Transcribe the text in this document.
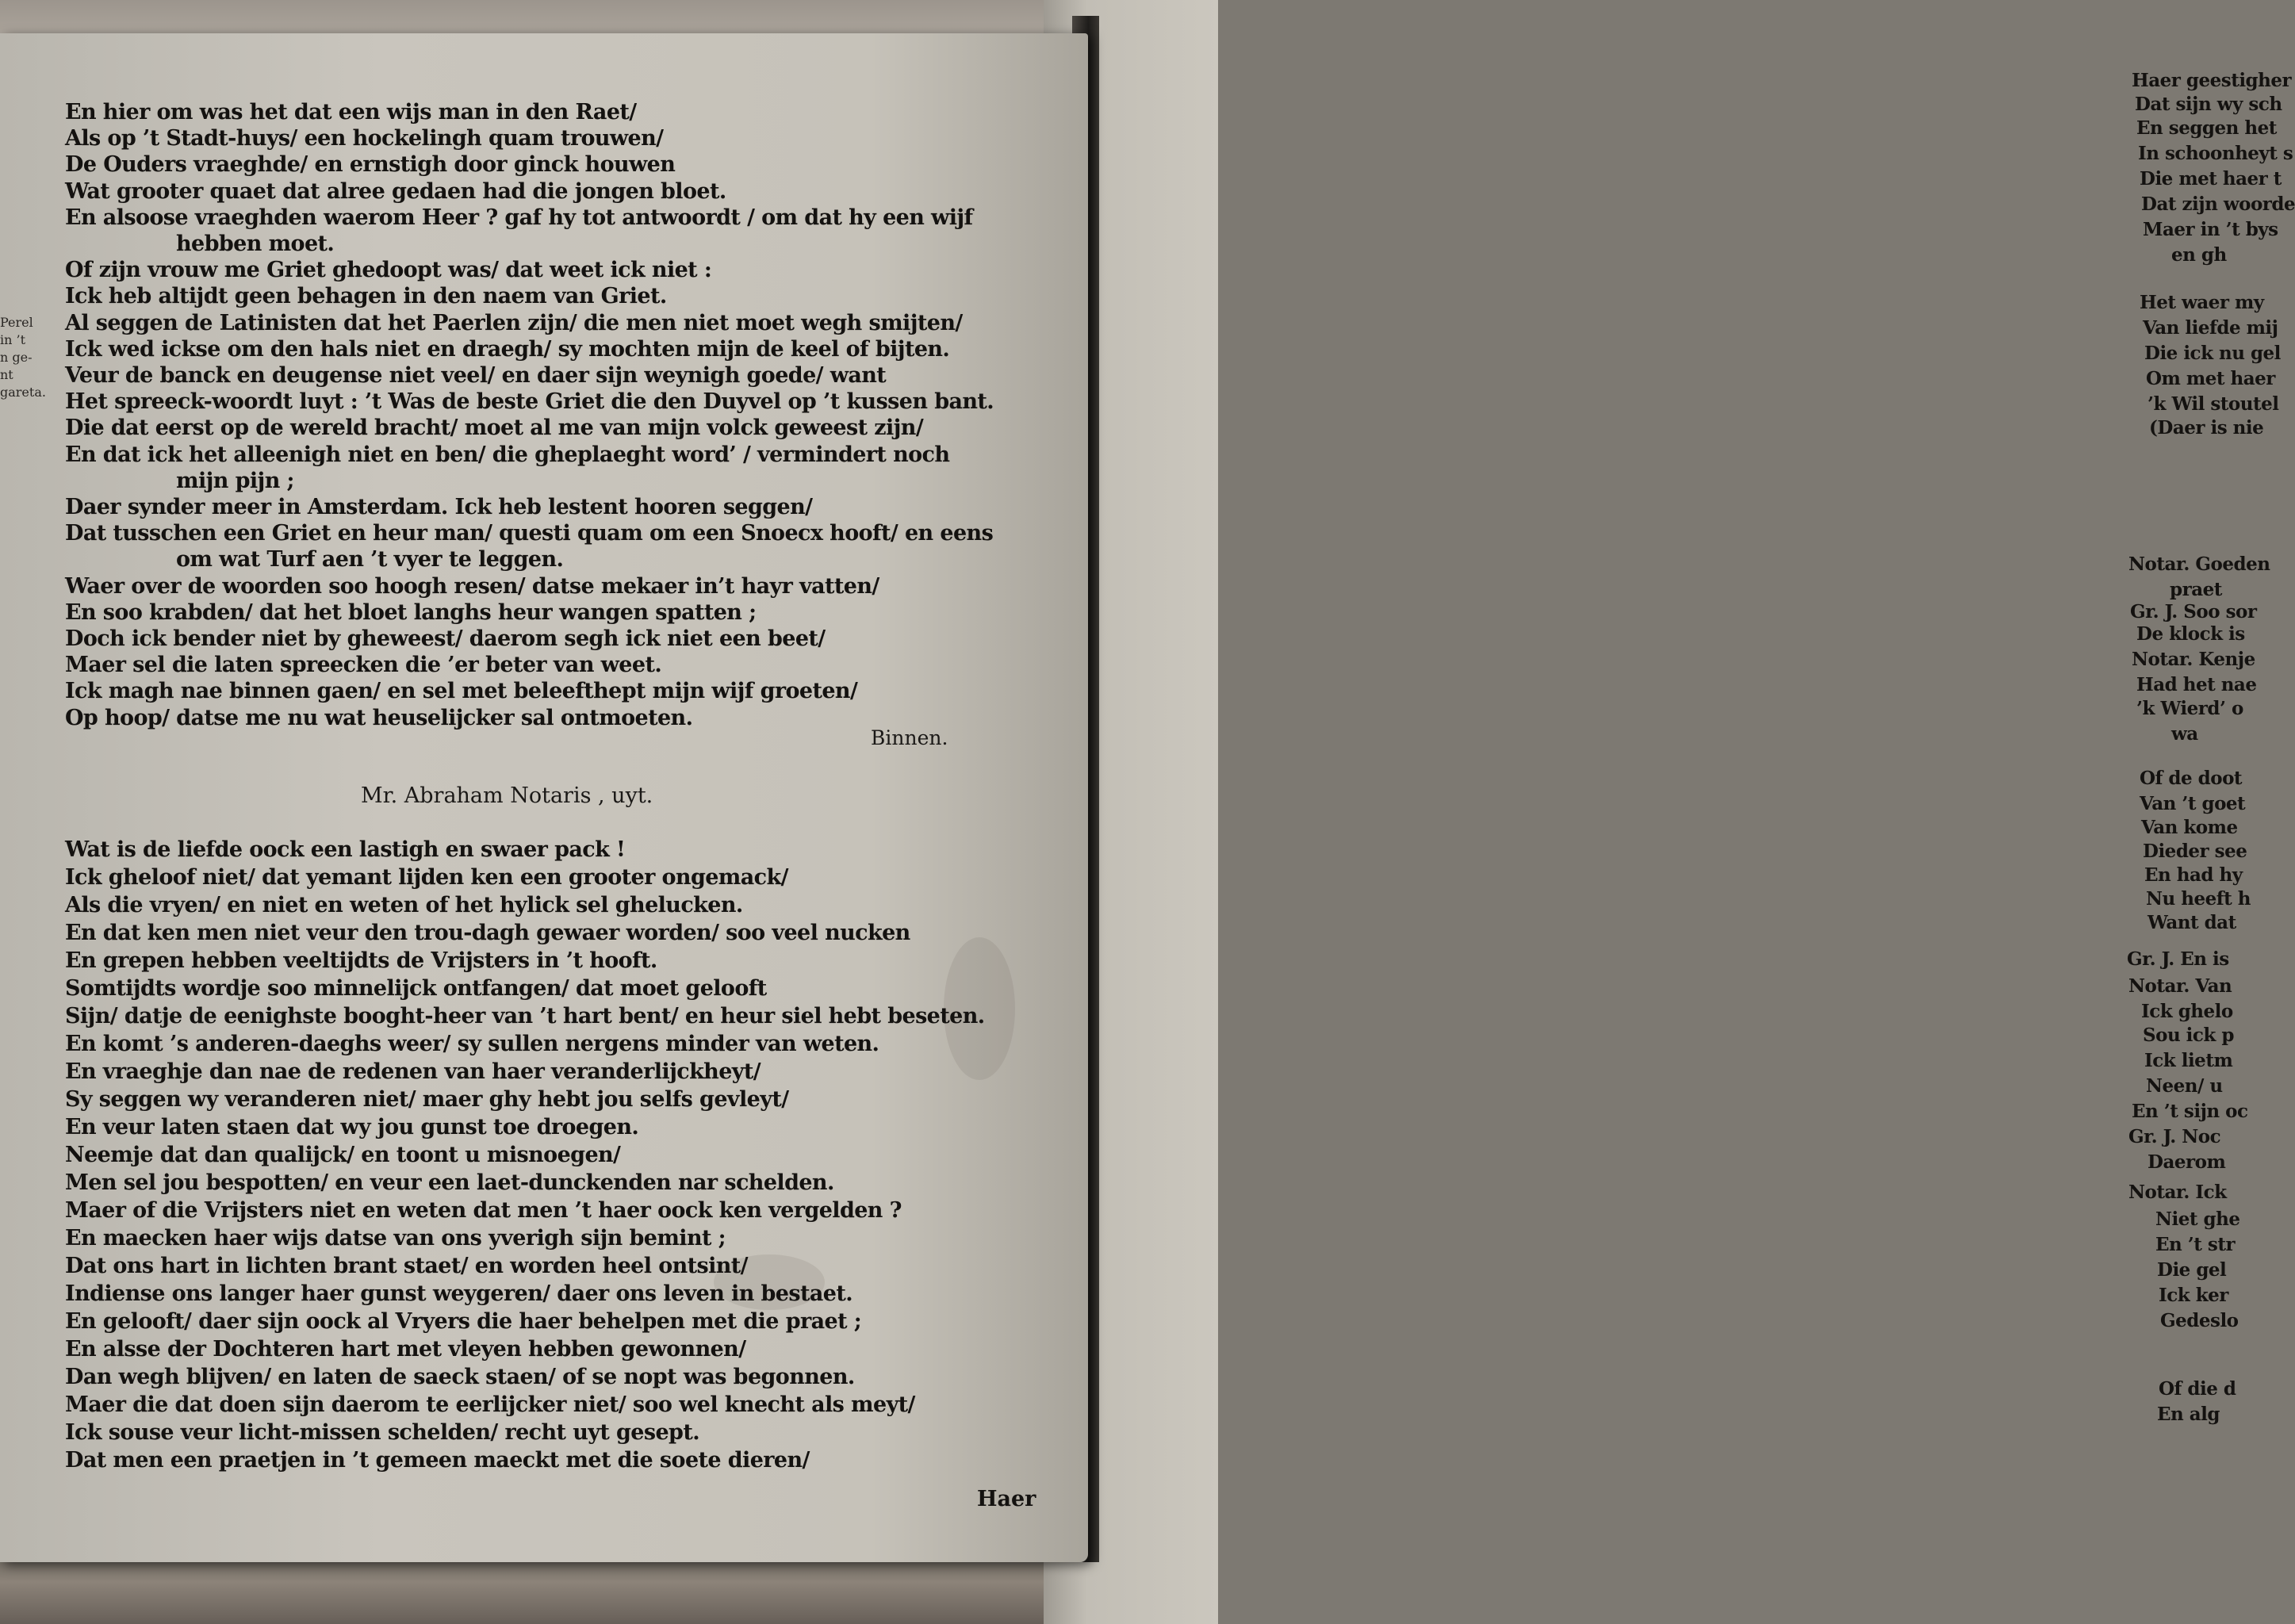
Haer geestigher
Dat sijn wy sch
En seggen het
In schoonheyt s
Die met haer t
Dat zijn woorde
Maer in ’t bys
en gh
Het waer my
Van liefde mij
Die ick nu gel
Om met haer
’k Wil stoutel
(Daer is nie
Notar. Goeden
praet
Gr. J. Soo sor
De klock is
Notar. Kenje
Had het nae
’k Wierd’ o
wa
Of de doot
Van ’t goet
Van kome
Dieder see
En had hy
Nu heeft h
Want dat
Gr. J. En is
Notar. Van
Ick ghelo
Sou ick p
Ick lietm
Neen/ u
En ’t sijn oc
Gr. J. Noc
Daerom
Notar. Ick
Niet ghe
En ’t str
Die gel
Ick ker
Gedeslo
Of die d
En alg
Perel
in ’t
n ge-
nt
gareta.
En hier om was het dat een wijs man in den Raet/
Als op ’t Stadt-huys/ een hockelingh quam trouwen/
De Ouders vraeghde/ en ernstigh door ginck houwen
Wat grooter quaet dat alree gedaen had die jongen bloet.
En alsoose vraeghden waerom Heer ? gaf hy tot antwoordt / om dat hy een wijf
hebben moet.
Of zijn vrouw me Griet ghedoopt was/ dat weet ick niet :
Ick heb altijdt geen behagen in den naem van Griet.
Al seggen de Latinisten dat het Paerlen zijn/ die men niet moet wegh smijten/
Ick wed ickse om den hals niet en draegh/ sy mochten mijn de keel of bijten.
Veur de banck en deugense niet veel/ en daer sijn weynigh goede/ want
Het spreeck-woordt luyt : ’t Was de beste Griet die den Duyvel op ’t kussen bant.
Die dat eerst op de wereld bracht/ moet al me van mijn volck geweest zijn/
En dat ick het alleenigh niet en ben/ die gheplaeght word’ / vermindert noch
mijn pijn ;
Daer synder meer in Amsterdam. Ick heb lestent hooren seggen/
Dat tusschen een Griet en heur man/ questi quam om een Snoecx hooft/ en eens
om wat Turf aen ’t vyer te leggen.
Waer over de woorden soo hoogh resen/ datse mekaer in’t hayr vatten/
En soo krabden/ dat het bloet langhs heur wangen spatten ;
Doch ick bender niet by gheweest/ daerom segh ick niet een beet/
Maer sel die laten spreecken die ’er beter van weet.
Ick magh nae binnen gaen/ en sel met beleefthept mijn wijf groeten/
Op hoop/ datse me nu wat heuselijcker sal ontmoeten.
Wat is de liefde oock een lastigh en swaer pack !
Ick gheloof niet/ dat yemant lijden ken een grooter ongemack/
Als die vryen/ en niet en weten of het hylick sel ghelucken.
En dat ken men niet veur den trou-dagh gewaer worden/ soo veel nucken
En grepen hebben veeltijdts de Vrijsters in ’t hooft.
Somtijdts wordje soo minnelijck ontfangen/ dat moet gelooft
Sijn/ datje de eenighste booght-heer van ’t hart bent/ en heur siel hebt beseten.
En komt ’s anderen-daeghs weer/ sy sullen nergens minder van weten.
En vraeghje dan nae de redenen van haer veranderlijckheyt/
Sy seggen wy veranderen niet/ maer ghy hebt jou selfs gevleyt/
En veur laten staen dat wy jou gunst toe droegen.
Neemje dat dan qualijck/ en toont u misnoegen/
Men sel jou bespotten/ en veur een laet-dunckenden nar schelden.
Maer of die Vrijsters niet en weten dat men ’t haer oock ken vergelden ?
En maecken haer wijs datse van ons yverigh sijn bemint ;
Dat ons hart in lichten brant staet/ en worden heel ontsint/
Indiense ons langer haer gunst weygeren/ daer ons leven in bestaet.
En gelooft/ daer sijn oock al Vryers die haer behelpen met die praet ;
En alsse der Dochteren hart met vleyen hebben gewonnen/
Dan wegh blijven/ en laten de saeck staen/ of se nopt was begonnen.
Maer die dat doen sijn daerom te eerlijcker niet/ soo wel knecht als meyt/
Ick souse veur licht-missen schelden/ recht uyt gesept.
Dat men een praetjen in ’t gemeen maeckt met die soete dieren/
Binnen.
Mr. Abraham Notaris , uyt.
Haer
